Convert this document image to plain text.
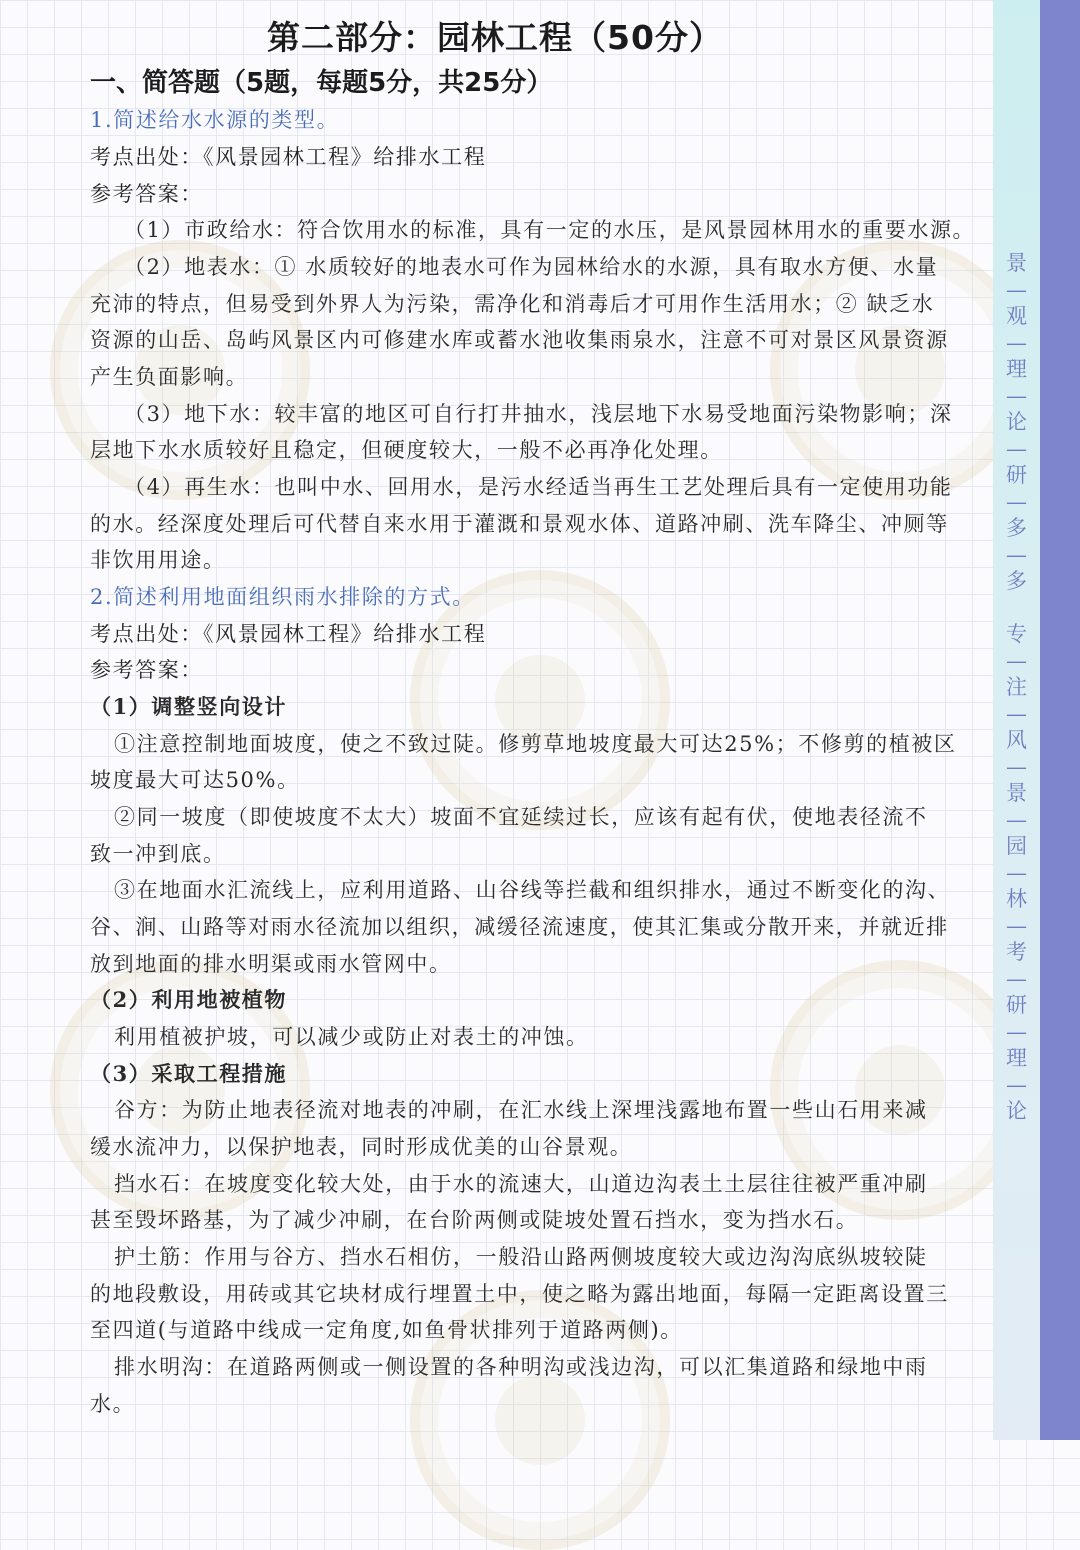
景
—
观
—
理
—
论
—
研
—
多
—
多

专
—
注
—
风
—
景
—
园
—
林
—
考
—
研
—
理
—
论
第二部分：园林工程（50分）
一、简答题（5题，每题5分，共25分）
1.简述给水水源的类型。
考点出处：《风景园林工程》给排水工程
参考答案：
（1）市政给水：符合饮用水的标准，具有一定的水压，是风景园林用水的重要水源。
（2）地表水：① 水质较好的地表水可作为园林给水的水源，具有取水方便、水量
充沛的特点，但易受到外界人为污染，需净化和消毒后才可用作生活用水；② 缺乏水
资源的山岳、岛屿风景区内可修建水库或蓄水池收集雨泉水，注意不可对景区风景资源
产生负面影响。
（3）地下水：较丰富的地区可自行打井抽水，浅层地下水易受地面污染物影响；深
层地下水水质较好且稳定，但硬度较大，一般不必再净化处理。
（4）再生水：也叫中水、回用水，是污水经适当再生工艺处理后具有一定使用功能
的水。经深度处理后可代替自来水用于灌溉和景观水体、道路冲刷、洗车降尘、冲厕等
非饮用用途。
2.简述利用地面组织雨水排除的方式。
考点出处：《风景园林工程》给排水工程
参考答案：
（1）调整竖向设计
①注意控制地面坡度，使之不致过陡。修剪草地坡度最大可达25%；不修剪的植被区
坡度最大可达50%。
②同一坡度（即使坡度不太大）坡面不宜延续过长，应该有起有伏，使地表径流不
致一冲到底。
③在地面水汇流线上，应利用道路、山谷线等拦截和组织排水，通过不断变化的沟、
谷、涧、山路等对雨水径流加以组织，减缓径流速度，使其汇集或分散开来，并就近排
放到地面的排水明渠或雨水管网中。
（2）利用地被植物
利用植被护坡，可以减少或防止对表土的冲蚀。
（3）采取工程措施
谷方：为防止地表径流对地表的冲刷，在汇水线上深埋浅露地布置一些山石用来减
缓水流冲力，以保护地表，同时形成优美的山谷景观。
挡水石：在坡度变化较大处，由于水的流速大，山道边沟表土土层往往被严重冲刷
甚至毁坏路基，为了减少冲刷，在台阶两侧或陡坡处置石挡水，变为挡水石。
护土筋：作用与谷方、挡水石相仿，一般沿山路两侧坡度较大或边沟沟底纵坡较陡
的地段敷设，用砖或其它块材成行埋置土中，使之略为露出地面，每隔一定距离设置三
至四道(与道路中线成一定角度,如鱼骨状排列于道路两侧)。
排水明沟：在道路两侧或一侧设置的各种明沟或浅边沟，可以汇集道路和绿地中雨
水。
